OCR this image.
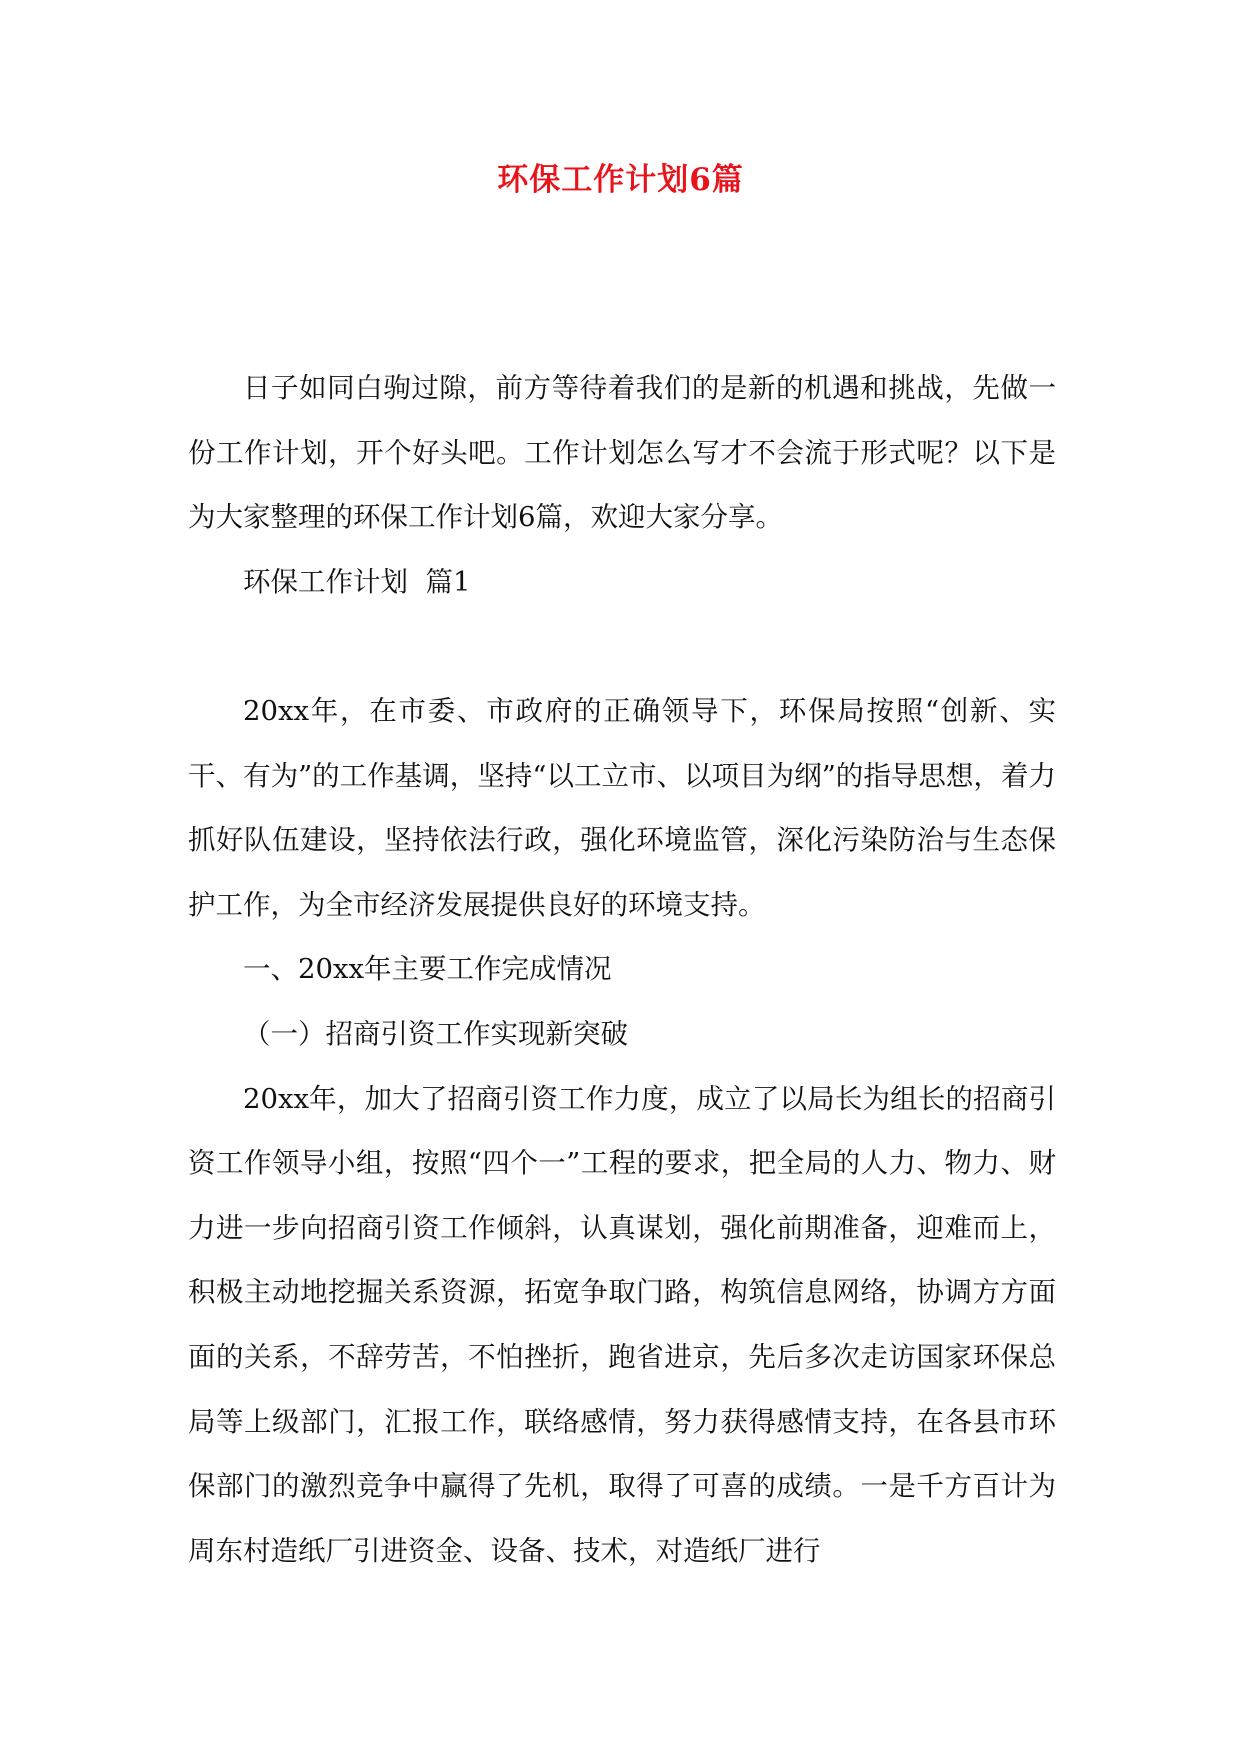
环保工作计划6篇

日子如同白驹过隙，前方等待着我们的是新的机遇和挑战，先做一份工作计划，开个好头吧。工作计划怎么写才不会流于形式呢？以下是为大家整理的环保工作计划6篇，欢迎大家分享。

环保工作计划  篇1

20xx年，在市委、市政府的正确领导下，环保局按照“创新、实干、有为”的工作基调，坚持“以工立市、以项目为纲”的指导思想，着力抓好队伍建设，坚持依法行政，强化环境监管，深化污染防治与生态保护工作，为全市经济发展提供良好的环境支持。

一、20xx年主要工作完成情况

（一）招商引资工作实现新突破

20xx年，加大了招商引资工作力度，成立了以局长为组长的招商引资工作领导小组，按照“四个一”工程的要求，把全局的人力、物力、财力进一步向招商引资工作倾斜，认真谋划，强化前期准备，迎难而上，积极主动地挖掘关系资源，拓宽争取门路，构筑信息网络，协调方方面面的关系，不辞劳苦，不怕挫折，跑省进京，先后多次走访国家环保总局等上级部门，汇报工作，联络感情，努力获得感情支持，在各县市环保部门的激烈竞争中赢得了先机，取得了可喜的成绩。一是千方百计为周东村造纸厂引进资金、设备、技术，对造纸厂进行
